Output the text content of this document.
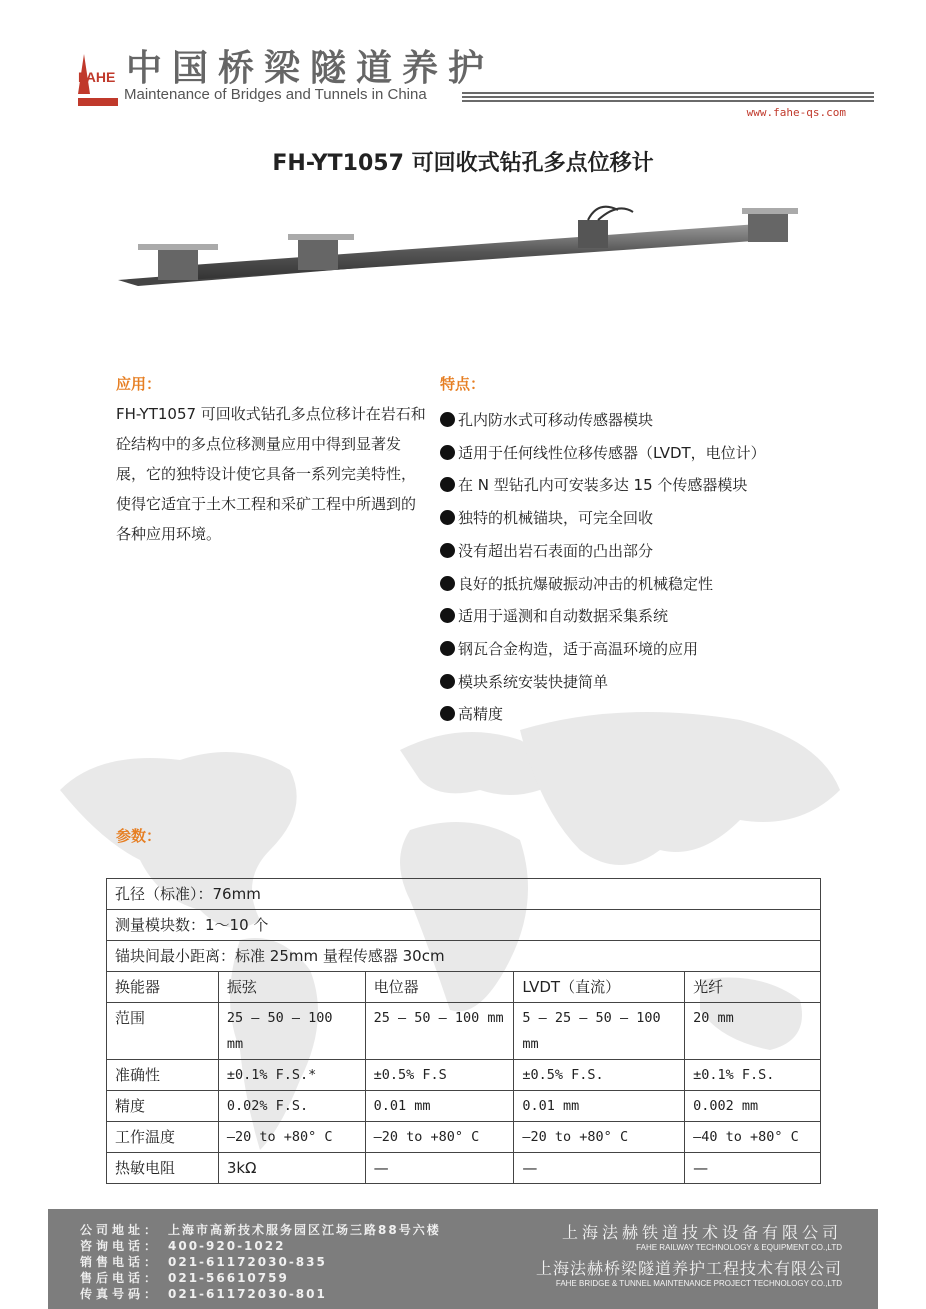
FAHE 中国桥梁隧道养护
Maintenance of Bridges and Tunnels in China
www.fahe-qs.com
FH-YT1057 可回收式钻孔多点位移计
应用：
FH-YT1057 可回收式钻孔多点位移计在岩石和砼结构中的多点位移测量应用中得到显著发展，它的独特设计使它具备一系列完美特性，使得它适宜于土木工程和采矿工程中所遇到的各种应用环境。
特点：
孔内防水式可移动传感器模块
适用于任何线性位移传感器（LVDT，电位计）
在 N 型钻孔内可安装多达 15 个传感器模块
独特的机械锚块，可完全回收
没有超出岩石表面的凸出部分
良好的抵抗爆破振动冲击的机械稳定性
适用于遥测和自动数据采集系统
钢瓦合金构造，适于高温环境的应用
模块系统安装快捷简单
高精度
参数：
孔径（标准）：76mm				
测量模块数：1～10 个				
锚块间最小距离：标准 25mm 量程传感器 30cm				
换能器	振弦	电位器	LVDT（直流）	光纤
范围	25 – 50 – 100 mm	25 – 50 – 100 mm	5 – 25 – 50 – 100 mm	20 mm
准确性	±0.1% F.S.*	±0.5% F.S	±0.5% F.S.	±0.1% F.S.
精度	0.02% F.S.	0.01 mm	0.01 mm	0.002 mm
工作温度	–20 to +80° C	–20 to +80° C	–20 to +80° C	–40 to +80° C
热敏电阻	3kΩ	—	—	—
公司地址： 上海市高新技术服务园区江场三路88号六楼
咨询电话： 400-920-1022
销售电话： 021-61172030-835
售后电话： 021-56610759
传真号码： 021-61172030-801
上海法赫铁道技术设备有限公司
FAHE RAILWAY TECHNOLOGY & EQUIPMENT CO.,LTD
上海法赫桥梁隧道养护工程技术有限公司
FAHE BRIDGE & TUNNEL MAINTENANCE PROJECT TECHNOLOGY CO.,LTD
